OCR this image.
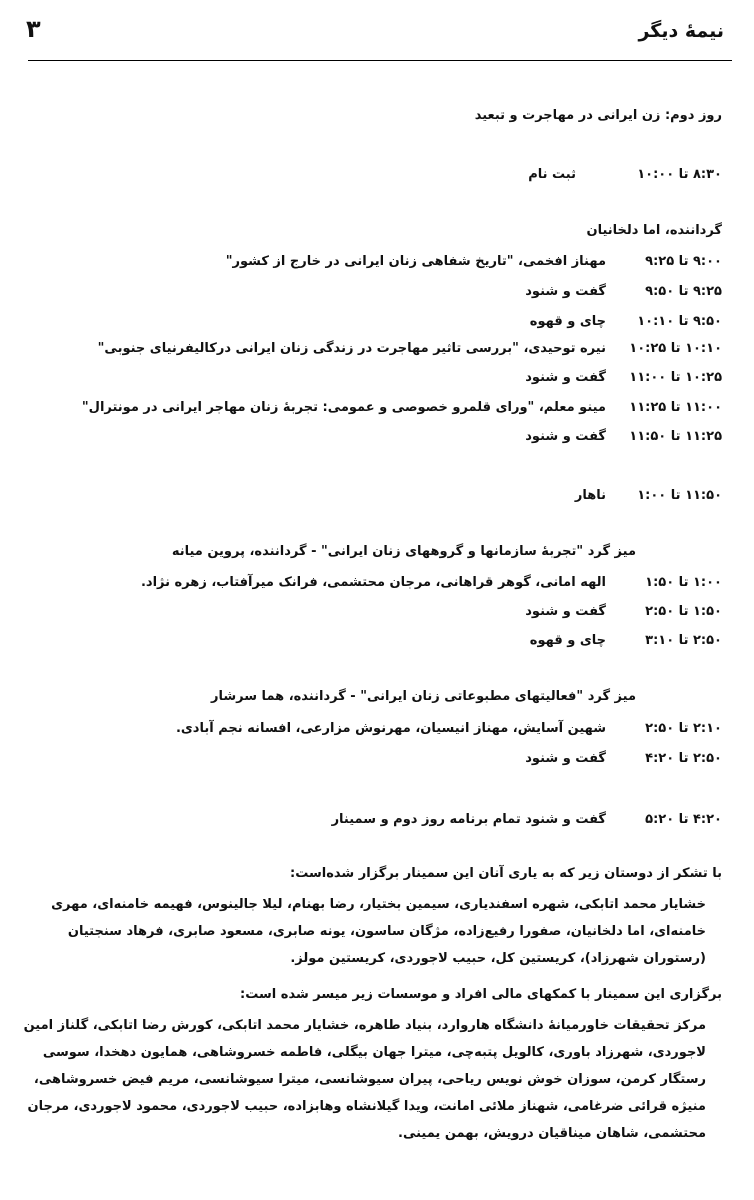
نیمهٔ دیگر
۳
روز دوم: زن ایرانی در مهاجرت و تبعید
۸:۳۰ تا ۱۰:۰۰
ثبت نام
گرداننده، اما دلخانیان
۹:۰۰ تا ۹:۲۵
مهناز افخمی، "تاریخ شفاهی زنان ایرانی در خارج از کشور"
۹:۲۵ تا ۹:۵۰
گفت و شنود
۹:۵۰ تا ۱۰:۱۰
چای و قهوه
۱۰:۱۰ تا ۱۰:۲۵
نیره توحیدی، "بررسی تاثیر مهاجرت در زندگی زنان ایرانی درکالیفرنیای جنوبی"
۱۰:۲۵ تا ۱۱:۰۰
گفت و شنود
۱۱:۰۰ تا ۱۱:۲۵
مینو معلم، "ورای قلمرو خصوصی و عمومی: تجربهٔ زنان مهاجر ایرانی در مونترال"
۱۱:۲۵ تا ۱۱:۵۰
گفت و شنود
۱۱:۵۰ تا ۱:۰۰
ناهار
میز گرد "تجربهٔ سازمانها و گروههای زنان ایرانی" - گرداننده، پروین میانه
۱:۰۰ تا ۱:۵۰
الهه امانی، گوهر قراهانی، مرجان محتشمی، فرانک میرآفتاب، زهره نژاد.
۱:۵۰ تا ۲:۵۰
گفت و شنود
۲:۵۰ تا ۳:۱۰
چای و قهوه
میز گرد "فعالیتهای مطبوعاتی زنان ایرانی" - گرداننده، هما سرشار
۲:۱۰ تا ۲:۵۰
شهین آسایش، مهناز انیسیان، مهرنوش مزارعی، افسانه نجم آبادی.
۲:۵۰ تا ۴:۲۰
گفت و شنود
۴:۲۰ تا ۵:۲۰
گفت و شنود تمام برنامه روز دوم و سمینار
با تشکر از دوستان زیر که به یاری آنان این سمینار برگزار شده‌است:
خشایار محمد اتابکی، شهره اسفندیاری، سیمین بختیار، رضا بهنام، لیلا جالینوس، فهیمه خامنه‌ای، مهری خامنه‌ای، اما دلخانیان، صفورا رفیع‌زاده، مژگان ساسون، یونه صابری، مسعود صابری، فرهاد سنجتیان (رستوران شهرزاد)، کریستین کل، حبیب لاجوردی، کریستین مولز.
برگزاری این سمینار با کمکهای مالی افراد و موسسات زیر میسر شده است:
مرکز تحقیقات خاورمیانهٔ دانشگاه هاروارد، بنیاد طاهره، خشایار محمد اتابکی، کورش رضا اتابکی، گلناز امین لاجوردی، شهرزاد باوری، کالویل پتبه‌چی، میترا جهان بیگلی، فاطمه خسروشاهی، همایون دهخدا، سوسی رستگار کرمن، سوزان خوش نویس ریاحی، پیران سیوشانسی، میترا سیوشانسی، مریم فیض خسروشاهی، منیژه قرائی ضرغامی، شهناز ملائی امانت، ویدا گیلانشاه وهابزاده، حبیب لاجوردی، محمود لاجوردی، مرجان محتشمی، شاهان میناقیان درویش، بهمن یمینی.
